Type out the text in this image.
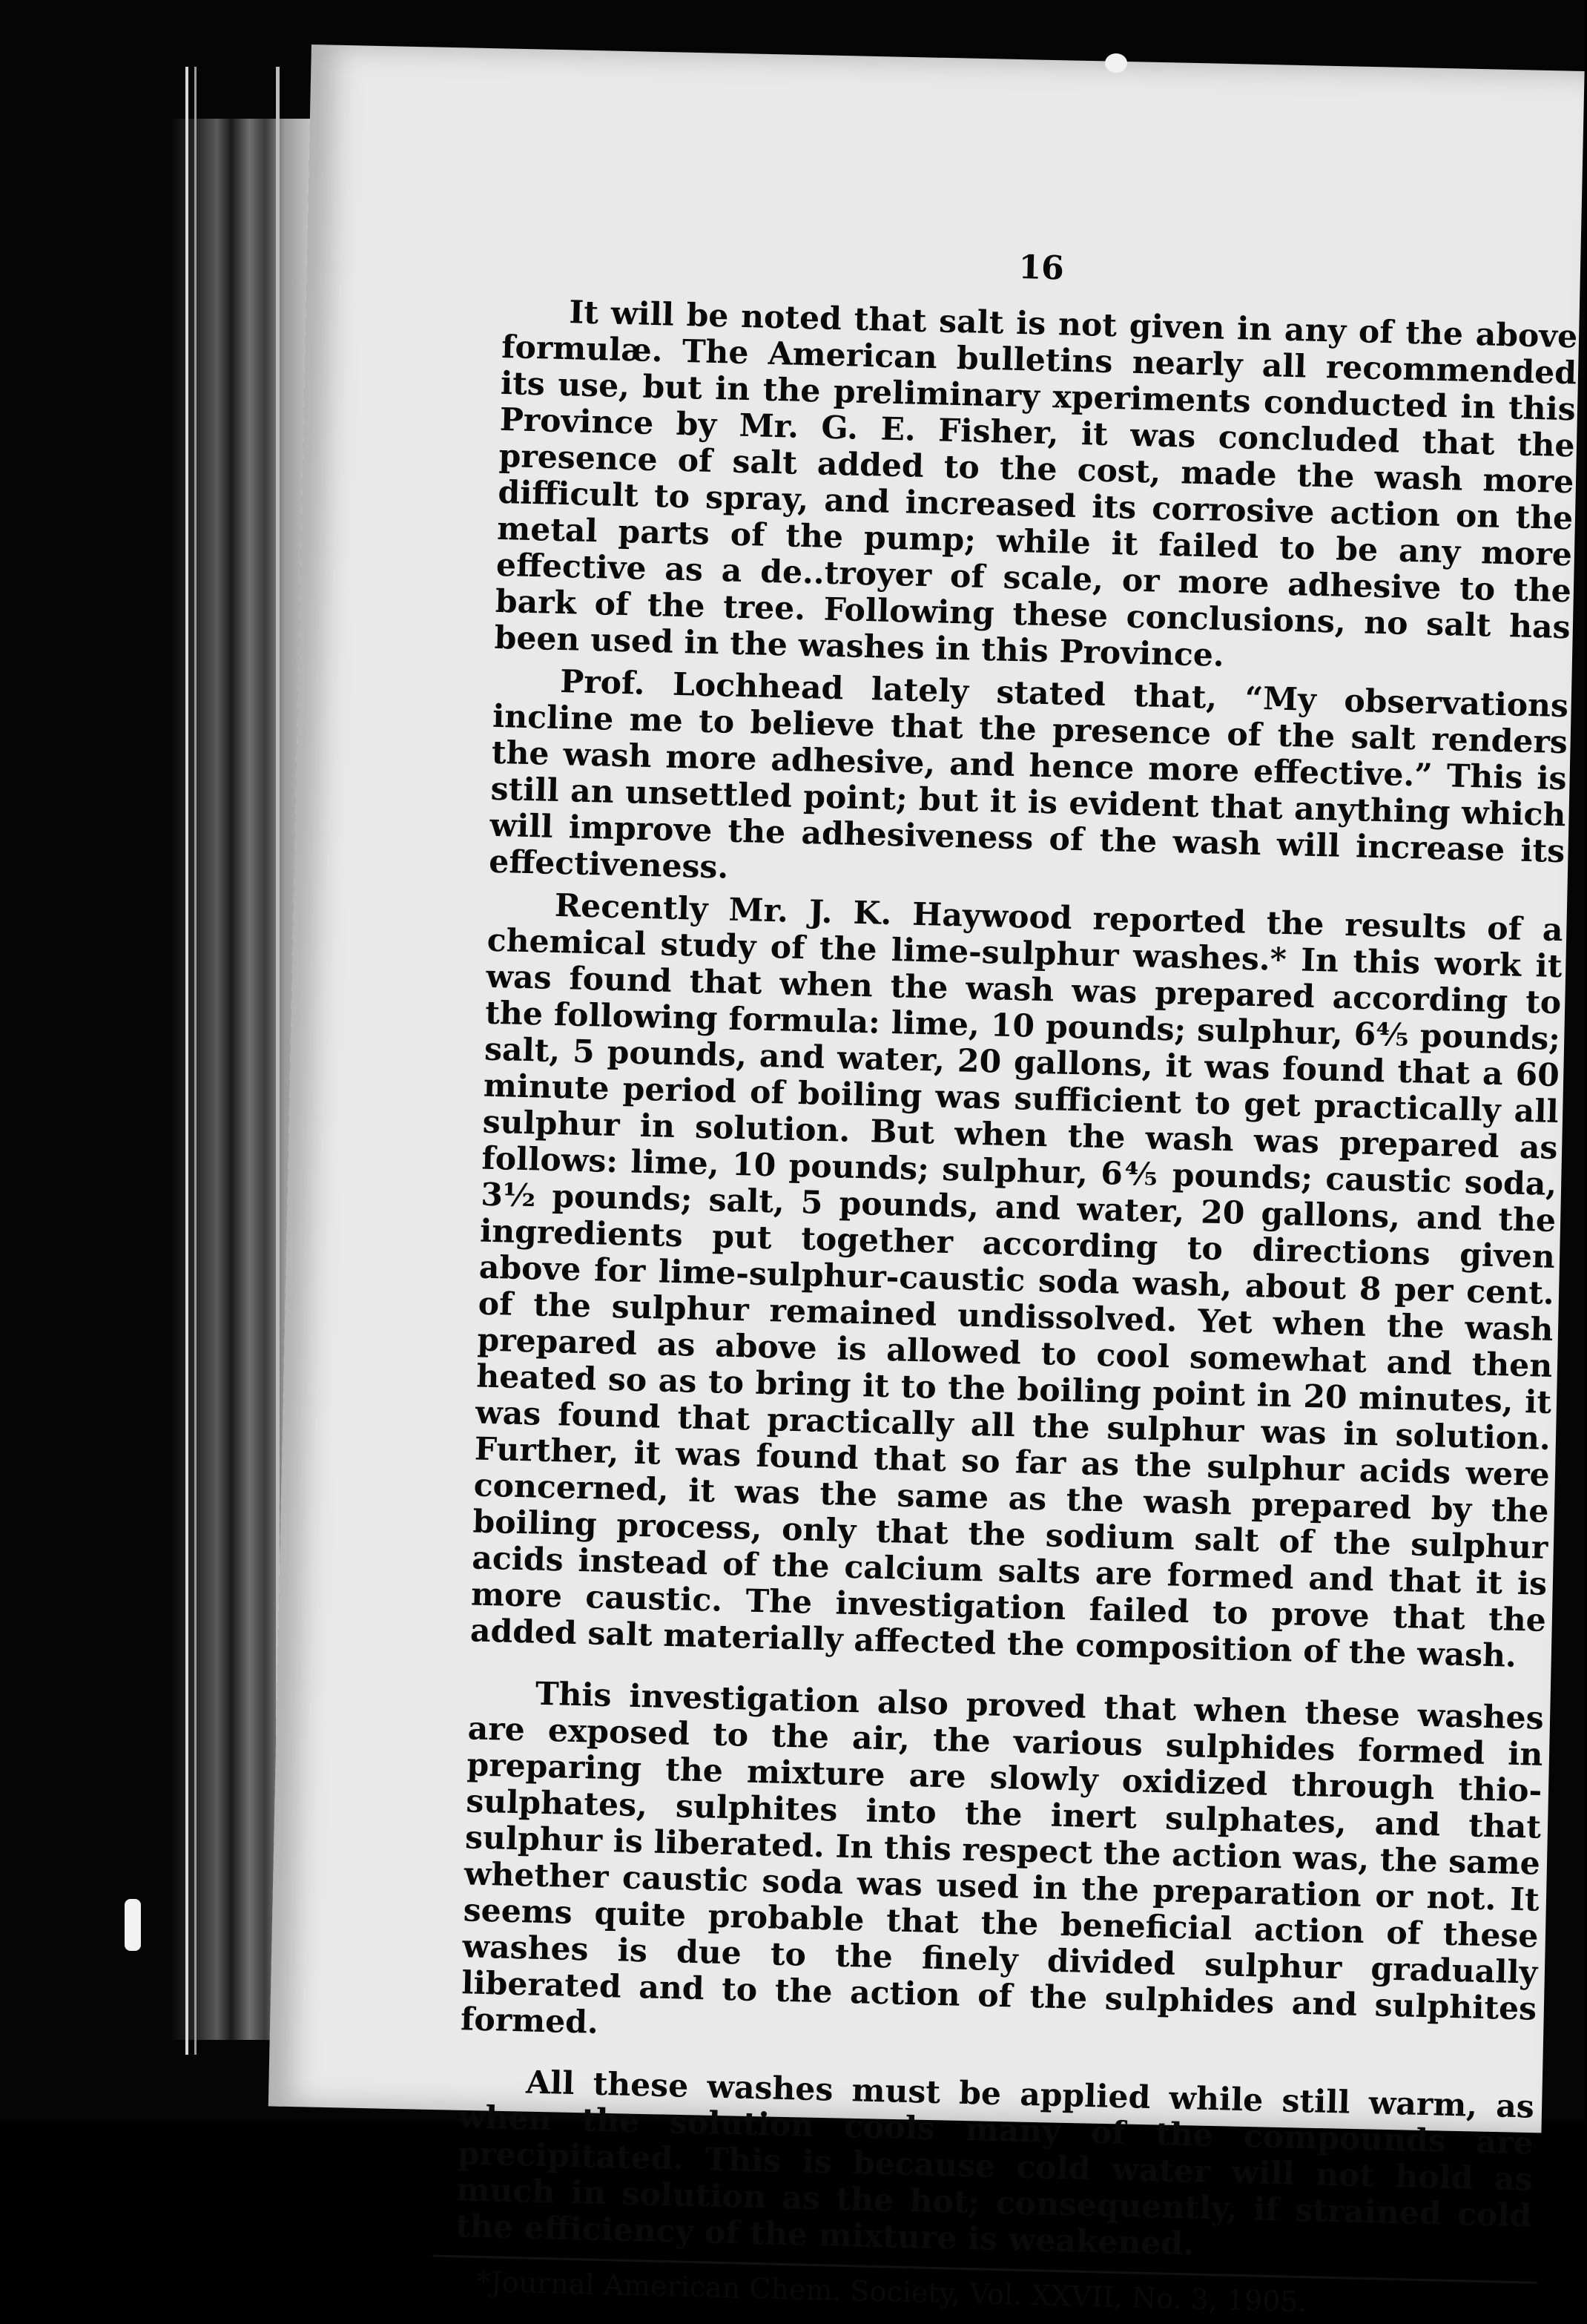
16

It will be noted that salt is not given in any of the above formulæ. The American bulletins nearly all recommended its use, but in the preliminary xperiments conducted in this Province by Mr. G. E. Fisher, it was concluded that the presence of salt added to the cost, made the wash more difficult to spray, and increased its corrosive action on the metal parts of the pump; while it failed to be any more effective as a de..troyer of scale, or more adhesive to the bark of the tree. Following these conclusions, no salt has been used in the washes in this Province.

Prof. Lochhead lately stated that, “My observations incline me to believe that the presence of the salt renders the wash more adhesive, and hence more effective.” This is still an unsettled point; but it is evident that anything which will improve the adhesiveness of the wash will increase its effectiveness.

Recently Mr. J. K. Haywood reported the results of a chemical study of the lime-sulphur washes.* In this work it was found that when the wash was prepared according to the following formula: lime, 10 pounds; sulphur, 6⅘ pounds; salt, 5 pounds, and water, 20 gallons, it was found that a 60 minute period of boiling was sufficient to get practically all sulphur in solution. But when the wash was prepared as follows: lime, 10 pounds; sulphur, 6⅘ pounds; caustic soda, 3½ pounds; salt, 5 pounds, and water, 20 gallons, and the ingredients put together according to directions given above for lime-sulphur-caustic soda wash, about 8 per cent. of the sulphur remained undissolved. Yet when the wash prepared as above is allowed to cool somewhat and then heated so as to bring it to the boiling point in 20 minutes, it was found that practically all the sulphur was in solution. Further, it was found that so far as the sulphur acids were concerned, it was the same as the wash prepared by the boiling process, only that the sodium salt of the sulphur acids instead of the calcium salts are formed and that it is more caustic. The investigation failed to prove that the added salt materially affected the composition of the wash.

This investigation also proved that when these washes are exposed to the air, the various sulphides formed in preparing the mixture are slowly oxidized through thio-sulphates, sulphites into the inert sulphates, and that sulphur is liberated. In this respect the action was, the same whether caustic soda was used in the preparation or not. It seems quite probable that the beneficial action of these washes is due to the finely divided sulphur gradually liberated and to the action of the sulphides and sulphites formed.

All these washes must be applied while still warm, as when the solution cools many of the compounds are precipitated. This is because cold water will not hold as much in solution as the hot; consequently, if strained cold the efficiency of the mixture is weakened.

*Journal American Chem. Society, Vol. XXVII, No. 3, 1905.
